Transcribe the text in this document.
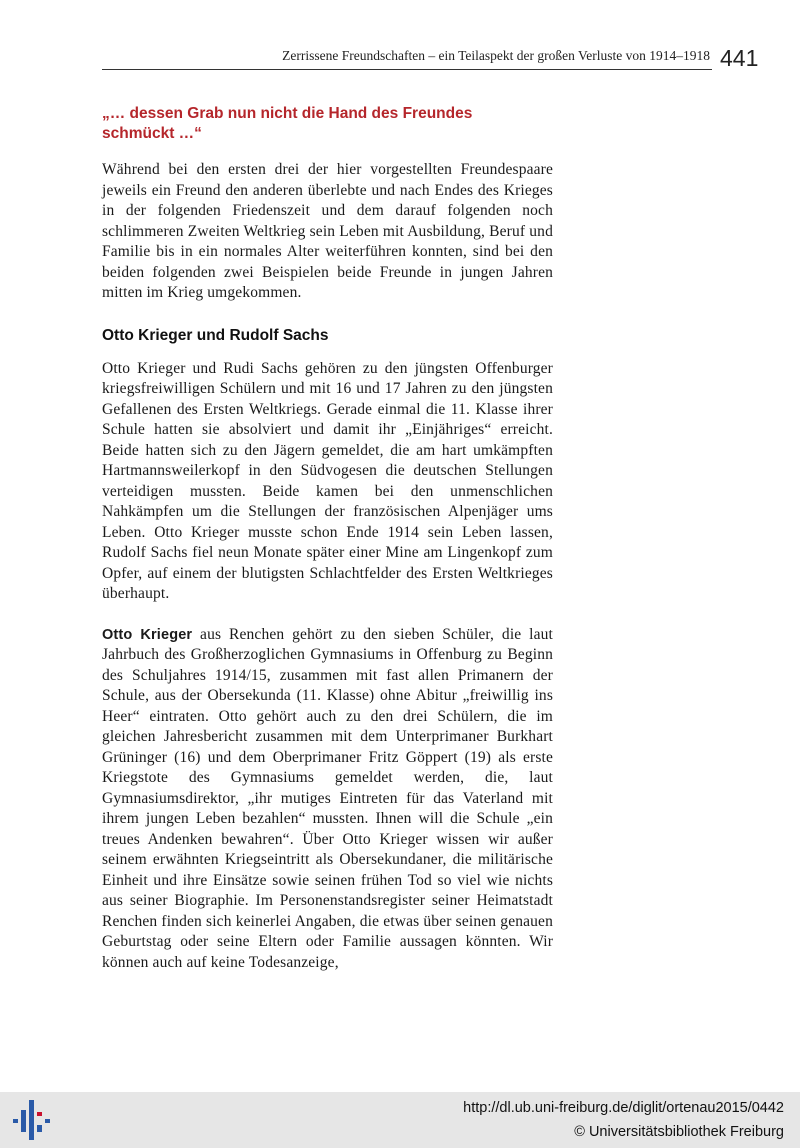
Zerrissene Freundschaften – ein Teilaspekt der großen Verluste von 1914–1918 441
„… dessen Grab nun nicht die Hand des Freundes
schmückt …“

Während bei den ersten drei der hier vorgestellten Freundespaare jeweils ein Freund den anderen überlebte und nach Endes des Krieges in der folgenden Friedenszeit und dem darauf folgenden noch schlimmeren Zweiten Weltkrieg sein Leben mit Ausbildung, Beruf und Familie bis in ein normales Alter weiterführen konnten, sind bei den beiden folgenden zwei Beispielen beide Freunde in jungen Jahren mitten im Krieg umgekommen.

Otto Krieger und Rudolf Sachs

Otto Krieger und Rudi Sachs gehören zu den jüngsten Offenburger kriegsfreiwilligen Schülern und mit 16 und 17 Jahren zu den jüngsten Gefallenen des Ersten Weltkriegs. Gerade einmal die 11. Klasse ihrer Schule hatten sie absolviert und damit ihr „Einjähriges“ erreicht. Beide hatten sich zu den Jägern gemeldet, die am hart umkämpften Hartmannsweilerkopf in den Südvogesen die deutschen Stellungen verteidigen mussten. Beide kamen bei den unmenschlichen Nahkämpfen um die Stellungen der französischen Alpenjäger ums Leben. Otto Krieger musste schon Ende 1914 sein Leben lassen, Rudolf Sachs fiel neun Monate später einer Mine am Lingenkopf zum Opfer, auf einem der blutigsten Schlachtfelder des Ersten Weltkrieges überhaupt.

Otto Krieger aus Renchen gehört zu den sieben Schüler, die laut Jahrbuch des Großherzoglichen Gymnasiums in Offenburg zu Beginn des Schuljahres 1914/15, zusammen mit fast allen Primanern der Schule, aus der Obersekunda (11. Klasse) ohne Abitur „freiwillig ins Heer“ eintraten. Otto gehört auch zu den drei Schülern, die im gleichen Jahresbericht zusammen mit dem Unterprimaner Burkhart Grüninger (16) und dem Oberprimaner Fritz Göppert (19) als erste Kriegstote des Gymnasiums gemeldet werden, die, laut Gymnasiumsdirektor, „ihr mutiges Eintreten für das Vaterland mit ihrem jungen Leben bezahlen“ mussten. Ihnen will die Schule „ein treues Andenken bewahren“. Über Otto Krieger wissen wir außer seinem erwähnten Kriegseintritt als Obersekundaner, die militärische Einheit und ihre Einsätze sowie seinen frühen Tod so viel wie nichts aus seiner Biographie. Im Personenstandsregister seiner Heimatstadt Renchen finden sich keinerlei Angaben, die etwas über seinen genauen Geburtstag oder seine Eltern oder Familie aussagen könnten. Wir können auch auf keine Todesanzeige,

http://dl.ub.uni-freiburg.de/diglit/ortenau2015/0442
© Universitätsbibliothek Freiburg
